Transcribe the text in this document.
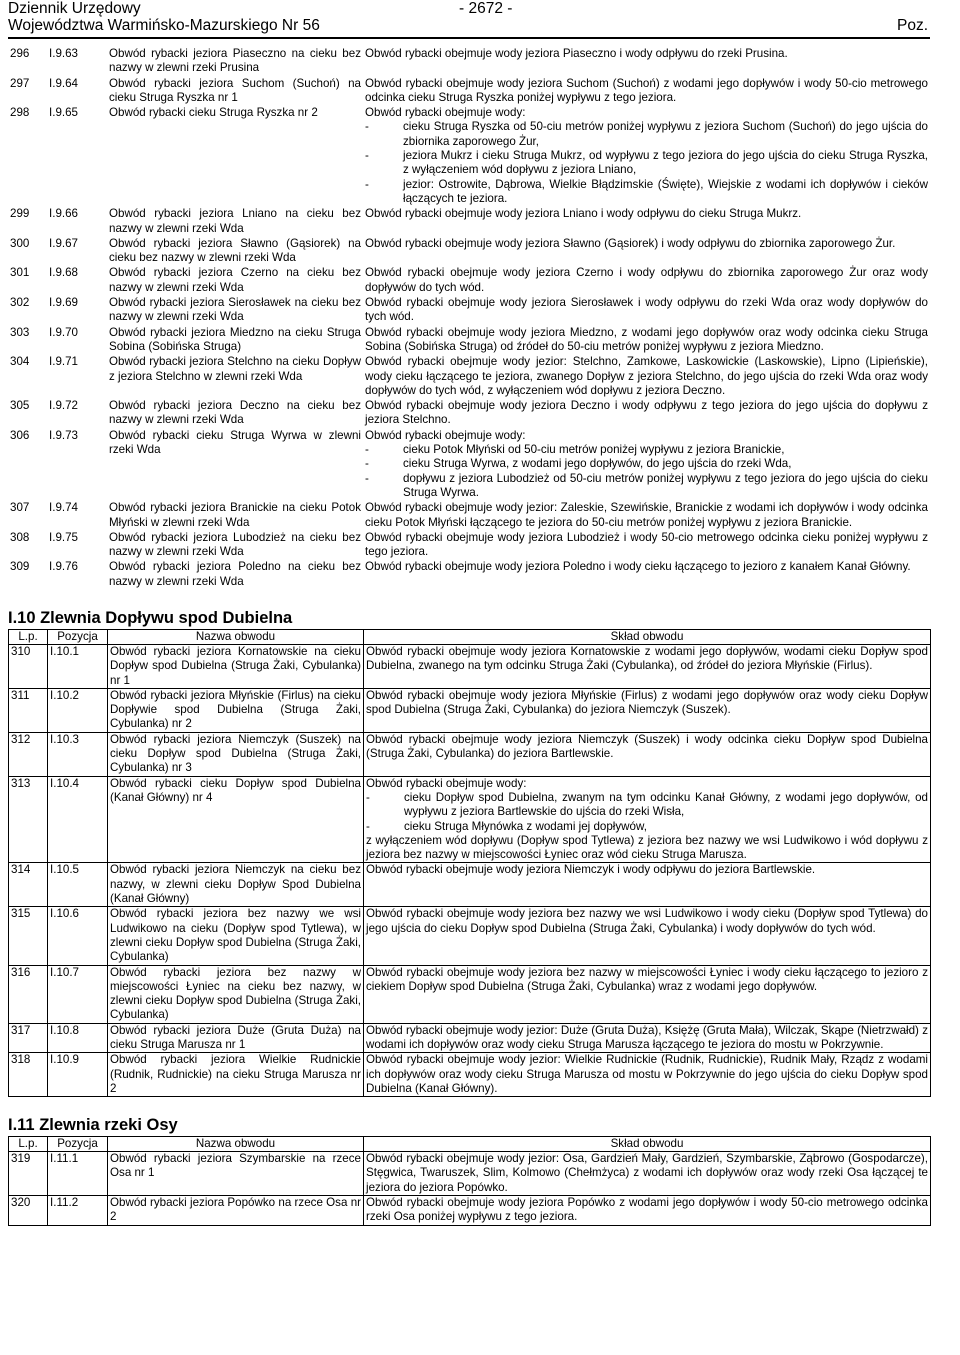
Dziennik Urzędowy
Województwa Warmińsko-Mazurskiego Nr 56
- 2672 -
Poz.
296	I.9.63	Obwód rybacki jeziora Piaseczno na cieku bez nazwy w zlewni rzeki Prusina	Obwód rybacki obejmuje wody jeziora Piaseczno i wody odpływu do rzeki Prusina.

297	I.9.64	Obwód rybacki jeziora Suchom (Suchoń) na cieku Struga Ryszka nr 1	Obwód rybacki obejmuje wody jeziora Suchom (Suchoń) z wodami jego dopływów i wody 50-cio metrowego odcinka cieku Struga Ryszka poniżej wypływu z tego jeziora.

298	I.9.65	Obwód rybacki cieku Struga Ryszka nr 2	Obwód rybacki obejmuje wody:
- cieku Struga Ryszka od 50-ciu metrów poniżej wypływu z jeziora Suchom (Suchoń) do jego ujścia do zbiornika zaporowego Żur,
- jeziora Mukrz i cieku Struga Mukrz, od wypływu z tego jeziora do jego ujścia do cieku Struga Ryszka, z wyłączeniem wód dopływu z jeziora Lniano,
- jezior: Ostrowite, Dąbrowa, Wielkie Błądzimskie (Święte), Wiejskie z wodami ich dopływów i cieków łączących te jeziora.

299	I.9.66	Obwód rybacki jeziora Lniano na cieku bez nazwy w zlewni rzeki Wda	Obwód rybacki obejmuje wody jeziora Lniano i wody odpływu do cieku Struga Mukrz.

300	I.9.67	Obwód rybacki jeziora Sławno (Gąsiorek) na cieku bez nazwy w zlewni rzeki Wda	Obwód rybacki obejmuje wody jeziora Sławno (Gąsiorek) i wody odpływu do zbiornika zaporowego Żur.

301	I.9.68	Obwód rybacki jeziora Czerno na cieku bez nazwy w zlewni rzeki Wda	Obwód rybacki obejmuje wody jeziora Czerno i wody odpływu do zbiornika zaporowego Żur oraz wody dopływów do tych wód.

302	I.9.69	Obwód rybacki jeziora Sierosławek na cieku bez nazwy w zlewni rzeki Wda	Obwód rybacki obejmuje wody jeziora Sierosławek i wody odpływu do rzeki Wda oraz wody dopływów do tych wód.

303	I.9.70	Obwód rybacki jeziora Miedzno na cieku Struga Sobina (Sobińska Struga)	Obwód rybacki obejmuje wody jeziora Miedzno, z wodami jego dopływów oraz wody odcinka cieku Struga Sobina (Sobińska Struga) od źródeł do 50-ciu metrów poniżej wypływu z jeziora Miedzno.

304	I.9.71	Obwód rybacki jeziora Stelchno na cieku Dopływ z jeziora Stelchno w zlewni rzeki Wda	Obwód rybacki obejmuje wody jezior: Stelchno, Zamkowe, Laskowickie (Laskowskie), Lipno (Lipieńskie), wody cieku łączącego te jeziora, zwanego Dopływ z jeziora Stelchno, do jego ujścia do rzeki Wda oraz wody dopływów do tych wód, z wyłączeniem wód dopływu z jeziora Deczno.

305	I.9.72	Obwód rybacki jeziora Deczno na cieku bez nazwy w zlewni rzeki Wda	Obwód rybacki obejmuje wody jeziora Deczno i wody odpływu z tego jeziora do jego ujścia do dopływu z jeziora Stelchno.

306	I.9.73	Obwód rybacki cieku Struga Wyrwa w zlewni rzeki Wda	Obwód rybacki obejmuje wody:
- cieku Potok Młyński od 50-ciu metrów poniżej wypływu z jeziora Branickie,
- cieku Struga Wyrwa, z wodami jego dopływów, do jego ujścia do rzeki Wda,
- dopływu z jeziora Lubodzież od 50-ciu metrów poniżej wypływu z tego jeziora do jego ujścia do cieku Struga Wyrwa.

307	I.9.74	Obwód rybacki jeziora Branickie na cieku Potok Młyński w zlewni rzeki Wda	Obwód rybacki obejmuje wody jezior: Zaleskie, Szewińskie, Branickie z wodami ich dopływów i wody odcinka cieku Potok Młyński łączącego te jeziora do 50-ciu metrów poniżej wypływu z jeziora Branickie.

308	I.9.75	Obwód rybacki jeziora Lubodzież na cieku bez nazwy w zlewni rzeki Wda	Obwód rybacki obejmuje wody jeziora Lubodzież i wody 50-cio metrowego odcinka cieku poniżej wypływu z tego jeziora.

309	I.9.76	Obwód rybacki jeziora Poledno na cieku bez nazwy w zlewni rzeki Wda	Obwód rybacki obejmuje wody jeziora Poledno i wody cieku łączącego to jezioro z kanałem Kanał Główny.
I.10 Zlewnia Dopływu spod Dubielna
L.p.	Pozycja	Nazwa obwodu	Skład obwodu
310	I.10.1	Obwód rybacki jeziora Kornatowskie na cieku Dopływ spod Dubielna (Struga Żaki, Cybulanka) nr 1	Obwód rybacki obejmuje wody jeziora Kornatowskie z wodami jego dopływów, wodami cieku Dopływ spod Dubielna, zwanego na tym odcinku Struga Żaki (Cybulanka), od źródeł do jeziora Młyńskie (Firlus).

311	I.10.2	Obwód rybacki jeziora Młyńskie (Firlus) na cieku Dopływie spod Dubielna (Struga Żaki, Cybulanka) nr 2	Obwód rybacki obejmuje wody jeziora Młyńskie (Firlus) z wodami jego dopływów oraz wody cieku Dopływ spod Dubielna (Struga Żaki, Cybulanka) do jeziora Niemczyk (Suszek).

312	I.10.3	Obwód rybacki jeziora Niemczyk (Suszek) na cieku Dopływ spod Dubielna (Struga Żaki, Cybulanka) nr 3	Obwód rybacki obejmuje wody jeziora Niemczyk (Suszek) i wody odcinka cieku Dopływ spod Dubielna (Struga Żaki, Cybulanka) do jeziora Bartlewskie.

313	I.10.4	Obwód rybacki cieku Dopływ spod Dubielna (Kanał Główny) nr 4	Obwód rybacki obejmuje wody:
- cieku Dopływ spod Dubielna, zwanym na tym odcinku Kanał Główny, z wodami jego dopływów, od wypływu z jeziora Bartlewskie do ujścia do rzeki Wisła,
- cieku Struga Młynówka z wodami jej dopływów,
z wyłączeniem wód dopływu (Dopływ spod Tytlewa) z jeziora bez nazwy we wsi Ludwikowo i wód dopływu z jeziora bez nazwy w miejscowości Łyniec oraz wód cieku Struga Marusza.

314	I.10.5	Obwód rybacki jeziora Niemczyk na cieku bez nazwy, w zlewni cieku Dopływ Spod Dubielna (Kanał Główny)	Obwód rybacki obejmuje wody jeziora Niemczyk i wody odpływu do jeziora Bartlewskie.

315	I.10.6	Obwód rybacki jeziora bez nazwy we wsi Ludwikowo na cieku (Dopływ spod Tytlewa), w zlewni cieku Dopływ spod Dubielna (Struga Żaki, Cybulanka)	Obwód rybacki obejmuje wody jeziora bez nazwy we wsi Ludwikowo i wody cieku (Dopływ spod Tytlewa) do jego ujścia do cieku Dopływ spod Dubielna (Struga Żaki, Cybulanka) i wody dopływów do tych wód.

316	I.10.7	Obwód rybacki jeziora bez nazwy w miejscowości Łyniec na cieku bez nazwy, w zlewni cieku Dopływ spod Dubielna (Struga Żaki, Cybulanka)	Obwód rybacki obejmuje wody jeziora bez nazwy w miejscowości Łyniec i wody cieku łączącego to jezioro z ciekiem Dopływ spod Dubielna (Struga Żaki, Cybulanka) wraz z wodami jego dopływów.

317	I.10.8	Obwód rybacki jeziora Duże (Gruta Duża) na cieku Struga Marusza nr 1	Obwód rybacki obejmuje wody jezior: Duże (Gruta Duża), Księżę (Gruta Mała), Wilczak, Skąpe (Nietrzwałd) z wodami ich dopływów oraz wody cieku Struga Marusza łączącego te jeziora do mostu w Pokrzywnie.

318	I.10.9	Obwód rybacki jeziora Wielkie Rudnickie (Rudnik, Rudnickie) na cieku Struga Marusza nr 2	Obwód rybacki obejmuje wody jezior: Wielkie Rudnickie (Rudnik, Rudnickie), Rudnik Mały, Rządz z wodami ich dopływów oraz wody cieku Struga Marusza od mostu w Pokrzywnie do jego ujścia do cieku Dopływ spod Dubielna (Kanał Główny).
I.11 Zlewnia rzeki Osy
L.p.	Pozycja	Nazwa obwodu	Skład obwodu
319	I.11.1	Obwód rybacki jeziora Szymbarskie na rzece Osa nr 1	Obwód rybacki obejmuje wody jezior: Osa, Gardzień Mały, Gardzień, Szymbarskie, Ząbrowo (Gospodarcze), Stęgwica, Twaruszek, Slim, Kolmowo (Chełmżyca) z wodami ich dopływów oraz wody rzeki Osa łączącej te jeziora do jeziora Popówko.

320	I.11.2	Obwód rybacki jeziora Popówko na rzece Osa nr 2	Obwód rybacki obejmuje wody jeziora Popówko z wodami jego dopływów i wody 50-cio metrowego odcinka rzeki Osa poniżej wypływu z tego jeziora.
